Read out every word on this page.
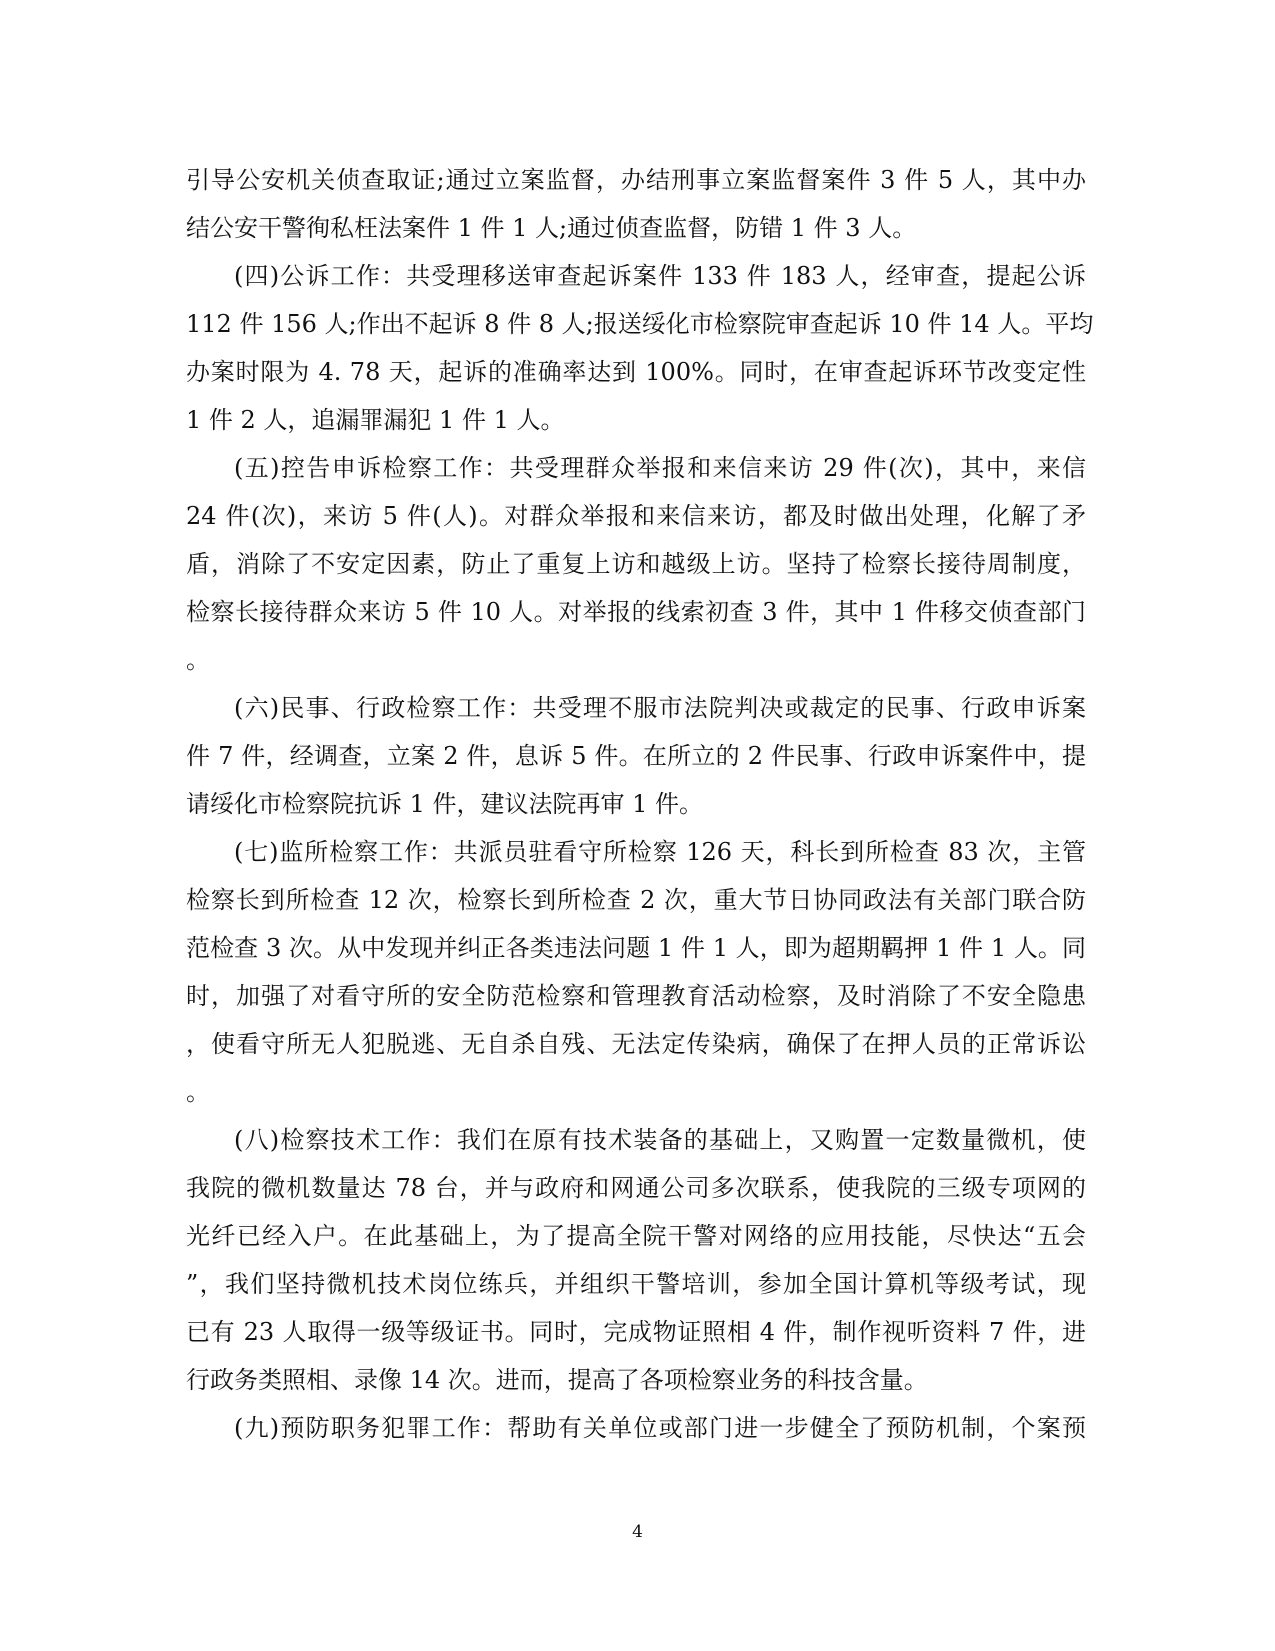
引导公安机关侦查取证;通过立案监督，办结刑事立案监督案件 3 件 5 人，其中办
结公安干警徇私枉法案件 1 件 1 人;通过侦查监督，防错 1 件 3 人。
(四)公诉工作：共受理移送审查起诉案件 133 件 183 人，经审查，提起公诉
112 件 156 人;作出不起诉 8 件 8 人;报送绥化市检察院审查起诉 10 件 14 人。平均
办案时限为 4. 78 天，起诉的准确率达到 100%。同时，在审查起诉环节改变定性
1 件 2 人，追漏罪漏犯 1 件 1 人。
(五)控告申诉检察工作：共受理群众举报和来信来访 29 件(次)，其中，来信
24 件(次)，来访 5 件(人)。对群众举报和来信来访，都及时做出处理，化解了矛
盾，消除了不安定因素，防止了重复上访和越级上访。坚持了检察长接待周制度，
检察长接待群众来访 5 件 10 人。对举报的线索初查 3 件，其中 1 件移交侦查部门
。
(六)民事、行政检察工作：共受理不服市法院判决或裁定的民事、行政申诉案
件 7 件，经调查，立案 2 件，息诉 5 件。在所立的 2 件民事、行政申诉案件中，提
请绥化市检察院抗诉 1 件，建议法院再审 1 件。
(七)监所检察工作：共派员驻看守所检察 126 天，科长到所检查 83 次，主管
检察长到所检查 12 次，检察长到所检查 2 次，重大节日协同政法有关部门联合防
范检查 3 次。从中发现并纠正各类违法问题 1 件 1 人，即为超期羁押 1 件 1 人。同
时，加强了对看守所的安全防范检察和管理教育活动检察，及时消除了不安全隐患
，使看守所无人犯脱逃、无自杀自残、无法定传染病，确保了在押人员的正常诉讼
。
(八)检察技术工作：我们在原有技术装备的基础上，又购置一定数量微机，使
我院的微机数量达 78 台，并与政府和网通公司多次联系，使我院的三级专项网的
光纤已经入户。在此基础上，为了提高全院干警对网络的应用技能，尽快达“五会
”，我们坚持微机技术岗位练兵，并组织干警培训，参加全国计算机等级考试，现
已有 23 人取得一级等级证书。同时，完成物证照相 4 件，制作视听资料 7 件，进
行政务类照相、录像 14 次。进而，提高了各项检察业务的科技含量。
(九)预防职务犯罪工作：帮助有关单位或部门进一步健全了预防机制，个案预
4
